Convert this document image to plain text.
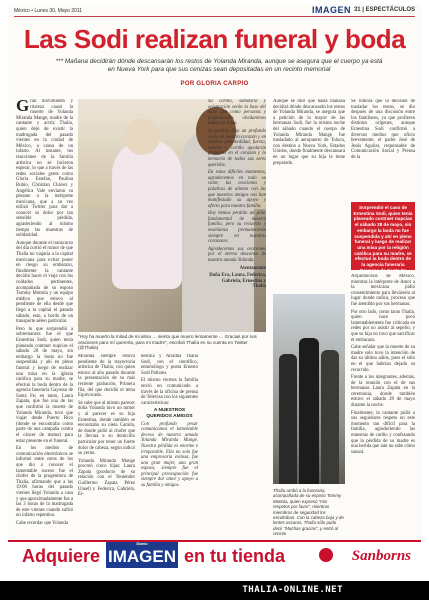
México • Lunes 30, Mayo 2011	IMAGEN 31 | ESPECTÁCULOS
Las Sodi realizan funeral y boda
*** Mañana decidirán dónde descansarán los restos de Yolanda Miranda, aunque se asegura que el cuerpo ya está en Nueva York para que sus cenizas sean depositadas en un recinto memorial
POR GLORIA CARPIO

Gran movimiento y tristeza causó la muerte de Yolanda Miranda Mange, madre de la cantante y actriz Thalía, quien dejó de existir la madrugada del pasado viernes en la ciudad de México, a causa de un infarto. Al instante, los reacciones de la familia artística no se hicieron esperar, lo que a través de las redes sociales gente como Gloria Estefan, Paulina Rubio, Christian Chávez y Angélica Vale enviaron su pésame a la intérprete mexicana, que a su vez utilizó Twitter para dar a conocer su dolor por tan sensible pérdida, agradeciendo al mismo tiempo las muestras de solidaridad.

Aunque durante el transcurso del día corrió el rumor de que Thalía no viajaría a la capital mexicana para evitar poner en riesgo su embarazo, finalmente la cantante decidió hacer el viaje con los cuidados pertinentes, acompañada de su esposo Tommy Mottola y un equipo médico que estuvo al pendiente de ella desde que llegó a la capital el pasado sábado, esto, a bordo de un transporte aéreo particular.

Pero lo que sorprendió a sobremanera fue el que Ernestina Sodi, quien tenía planeado contraer nupcias el sábado 28 de mayo, sin embargo la boda no fue suspendida y ahí en pleno funeral y luego de realizar una misa en la iglesia católica para su madre, se efectuó la boda dentro de la agencia funeraria Gayosso de Santa Fe; en tanto, Laura Zapata, que fue una de las que confirmó la muerte de Yolanda Miranda, tuvo que viajar desde Puerto Rico (donde se encontraba como parte de una campaña contra el cáncer de mama) para estar presente en el funeral.

En los medios de comunicación electrónicos se informó entre otros de los que dio a conocer el lamentable suceso fue el chofer de la progenitora de Thalía, afirmando que a las 19:00 horas del pasado viernes llegó Yolanda a casa y que aproximadamente fue a las 3 horas de la madrugada de este viernes cuando sufrió un infarto repentino.

Cabe recordar que Yolanda

"Hoy ha muerto la mitad de mi alma … siento que muero lentamente … Gracias por sus oraciones para mí quererla, para mi madre", escribió Thalía en su cuenta en Twitter (@Thalia)

Miranda siempre estuvo pendiente de la trayectoria artística de Thalía, con quien estuvo al año pasado durante la presentación de su más reciente grabación, Primera fila, del que decidió el tema Equivocada.

Se sabe que al mismo parecer doña Yolanda tuvo un tumor y al parecer es su hija Ernestina, donde también se encontraba su nieta Camila, de donde pidió al chofer que la llevara a su domicilio particular por tener un fuerte dolor de cabeza, según indicó su yerno.

Yolanda Miranda Mange procreó cinco hijas: Laura Zapata (producto de su relación con el Teniendor Guillermo Zapata Pérez Unsel) y Federica, Gabriela, Er-

nestina y Ariadna Thalía Sodi, con el científico, entomólogo y poeta Ernesto Sodi Pallares.

El mismo viernes la familia envió un comunicado a través de la oficina de prensa de Televisa con los siguientes características:

A NUESTROS QUERIDOS AMIGOS

Con profundo pesar comunicamos el lamentable deceso de nuestra amada Yolanda Miranda Mange. Nuestra pérdida es enorme e irreparable. Ella no solo fue una empresaria exitosa, fue una gran mujer, una gran esposa, siempre fue el principal preocupación fue siempre dar amor y apoyo a su familia y amigos.

Su cariño, sabiduría y orientación serán la base del éxito que como personas y profesionales olvidaremos todas sus hijas.

Su partida deja un profundo vacío en nuestro corazón y en nuestra personalidad, fuerza, talento y cariño quedarán grabados en el corazón y la memoria de todos sus seres queridos.

En estos difíciles momentos, agradecemos en todo su valor, las oraciones y palabras de aliento con las que nuestros amigos nos han manifestado su apoyo y afecto para nuestra familia.

Hoy hemos perdido un pilar fundamental de nuestra familia, pero su recuerdo y enseñanza permanecerán siempre en nuestros corazones.

Agradecemos sus oraciones por el eterno descanso de nuestra amada Yolanda.

Atentamente

Doña Eva, Laura, Federica, Gabriela, Ernestina y Thalía

Aunque se dice que hasta mañana decidirá dónde descansarán los restos de Yolanda Miranda, se asegura que a petición de la mayor de las hermanas Sodi, fue la misma noche del sábado cuando el cuerpo de Yolanda Miranda Mange fue trasladado al aeropuerto de Toluca, con destino a Nueva York, Estados Unidos, donde finalmente descansará en un lugar que su hija le tiene preparado.

Se rumora que la decisión de trasladar los restos, se dio después de una discusión entre los familiares, ya que profieren distintos orígenes, aunque Ernestina Sodi confirmó a diversos medios que oficio brevemente, el padre José de Jesús Aguilar, responsable de Comunicación Social y Prensa de la

Sorprendió el caso de Ernestina Sodi, quien tenía planeado contraer nupcias el sábado 28 de mayo, sin embargo la boda no fue suspendida y ahí en pleno funeral y luego de realizar una misa por la religión católica para su madre, se efectuó la boda dentro de la agencia funeraria Gayosso de Santa Fe

Arquidiócesis de México, mientras la intérprete de Amor a la mexicana pidió consentimiento para llevárselo al lugar donde radica, proceso que fue atendido por sus hermanas.

Por otro lado, como tanto Thalía, quien hace poco lamentablemente fue criticada en redes por no asistir al sepelio, y que su hija no tuvo que sacrificar el embarazo.

Cabe señalar que la muerte de su madre solo tuvo la intención de dar su último adiós, pues el sitio en el que habrían dejado su recorrido.

Frente a los integrantes, además, de la reunión con el de sus hermanas Laura Zapata en la ceremonia, donde también estuvo el sábado 28 de mayo durante la noche.

Finalmente, la cantante pidió a sus seguidores respeto en este momento tan difícil para la familia, agradeciendo las muestras de cariño y confesando que la pérdida de su madre es una herida que aún no sabe cómo sanará.

Thalía arribó a la funeraria, acompañada de su esposo Tommy Mottola, quien expresó "mis respetos por favor", mientras miembros de seguridad los escoltaban. Con la cabeza baja y de lentes oscuros, Thalía sólo pudo decir "Muchas gracias", y entró al recinto
Adquiere
Diario
IMAGEN en tu tienda	Sanborns
THALIA-ONLINE.NET
